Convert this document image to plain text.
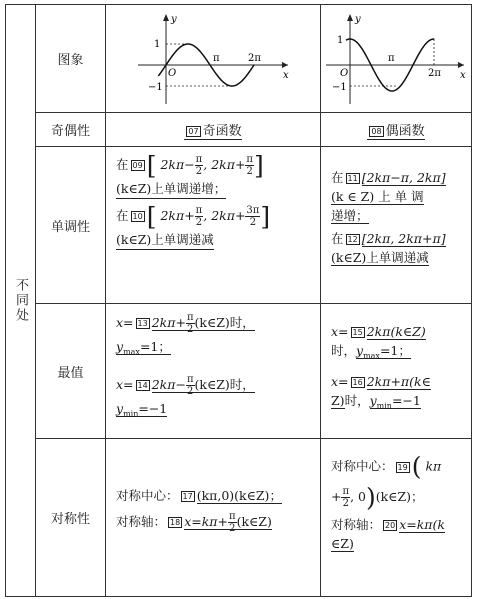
不同处
图象
奇偶性
单调性
最值
对称性
y
x
1
O
−1
π	2π
y
x
1
O
−1
π
2π
07 奇函数	08 偶函数
在 09 [ $2k\pi- \frac{\pi}{2}$ , $2k\pi+ \frac{\pi}{2}$ ]
(k∈Z)上单调递增；
在 10 [ $2k\pi+ \frac{\pi}{2}$ , $2k\pi+ \frac{3\pi}{2}$ ]
(k∈Z)上单调递减
在 11 [2kπ−π, 2kπ]
(k ∈ Z) 上 单 调
递增；
在 12 [2kπ, 2kπ+π]
(k∈Z)上单调递减
x= 13 $2k\pi+ \frac{\pi}{2}$ (k∈Z)时，
$y_{max}=1$；
x= 14 $2k\pi- \frac{\pi}{2}$ (k∈Z)时，
$y_{min}=-1$
x= 15 2kπ(k∈Z)
时，$y_{max}=1$；
x= 16 2kπ+π(k∈
Z)时，$y_{min}=-1$
对称中心： 17 (kπ,0)(k∈Z)；
对称轴： 18 $x=k\pi+ \frac{\pi}{2}$ (k∈Z)
对称中心： 19 ( kπ
+ $\frac{\pi}{2}$ , 0)(k∈Z)；
对称轴： 20 x=kπ(k
∈Z)
